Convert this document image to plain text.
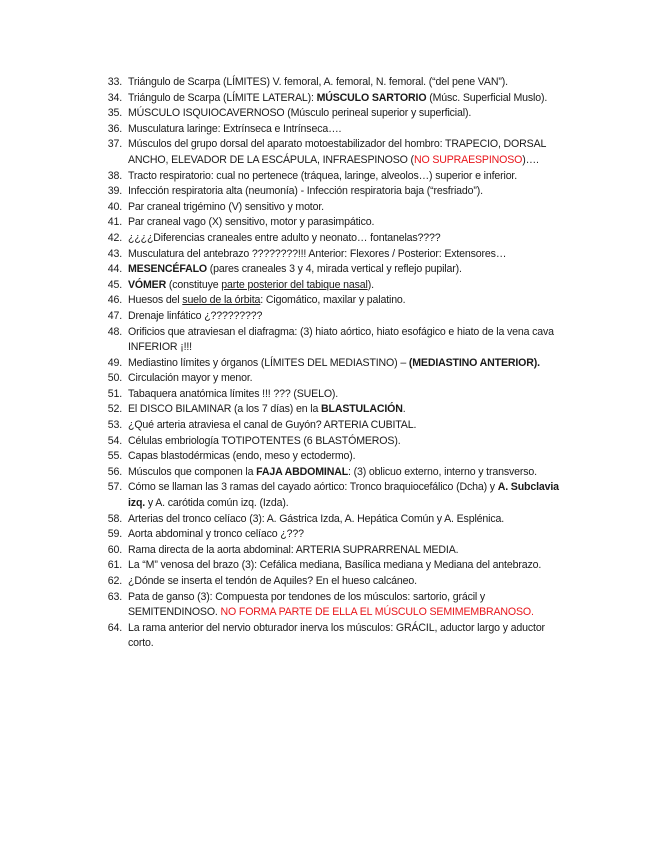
33. Triángulo de Scarpa (LÍMITES) V. femoral, A. femoral, N. femoral. (“del pene VAN”).
34. Triángulo de Scarpa (LÍMITE LATERAL): MÚSCULO SARTORIO (Músc. Superficial Muslo).
35. MÚSCULO ISQUIOCAVERNOSO (Músculo perineal superior y superficial).
36. Musculatura laringe: Extrínseca e Intrínseca….
37. Músculos del grupo dorsal del aparato motoestabilizador del hombro: TRAPECIO, DORSAL ANCHO, ELEVADOR DE LA ESCÁPULA, INFRAESPINOSO (NO SUPRAESPINOSO)….
38. Tracto respiratorio: cual no pertenece (tráquea, laringe, alveolos…) superior e inferior.
39. Infección respiratoria alta (neumonía) - Infección respiratoria baja (“resfriado”).
40. Par craneal trigémino (V) sensitivo y motor.
41. Par craneal vago (X) sensitivo, motor y parasimpático.
42. ¿¿¿¿Diferencias craneales entre adulto y neonato… fontanelas????
43. Musculatura del antebrazo ????????!!! Anterior: Flexores / Posterior: Extensores…
44. MESENCÉFALO (pares craneales 3 y 4, mirada vertical y reflejo pupilar).
45. VÓMER (constituye parte posterior del tabique nasal).
46. Huesos del suelo de la órbita: Cigomático, maxilar y palatino.
47. Drenaje linfático ¿?????????
48. Orificios que atraviesan el diafragma: (3) hiato aórtico, hiato esofágico e hiato de la vena cava INFERIOR ¡!!!
49. Mediastino límites y órganos (LÍMITES DEL MEDIASTINO) – (MEDIASTINO ANTERIOR).
50. Circulación mayor y menor.
51. Tabaquera anatómica límites !!! ??? (SUELO).
52. El DISCO BILAMINAR (a los 7 días) en la BLASTULACIÓN.
53. ¿Qué arteria atraviesa el canal de Guyón? ARTERIA CUBITAL.
54. Células embriología TOTIPOTENTES (6 BLASTÓMEROS).
55. Capas blastodérmicas (endo, meso y ectodermo).
56. Músculos que componen la FAJA ABDOMINAL: (3) oblicuo externo, interno y transverso.
57. Cómo se llaman las 3 ramas del cayado aórtico: Tronco braquiocefálico (Dcha) y A. Subclavia izq. y A. carótida común izq. (Izda).
58. Arterias del tronco celíaco (3): A. Gástrica Izda, A. Hepática Común y A. Esplénica.
59. Aorta abdominal y tronco celíaco ¿???
60. Rama directa de la aorta abdominal: ARTERIA SUPRARRENAL MEDIA.
61. La “M” venosa del brazo (3): Cefálica mediana, Basílica mediana y Mediana del antebrazo.
62. ¿Dónde se inserta el tendón de Aquiles? En el hueso calcáneo.
63. Pata de ganso (3): Compuesta por tendones de los músculos: sartorio, grácil y SEMITENDINOSO. NO FORMA PARTE DE ELLA EL MÚSCULO SEMIMEMBRANOSO.
64. La rama anterior del nervio obturador inerva los músculos: GRÁCIL, aductor largo y aductor corto.
